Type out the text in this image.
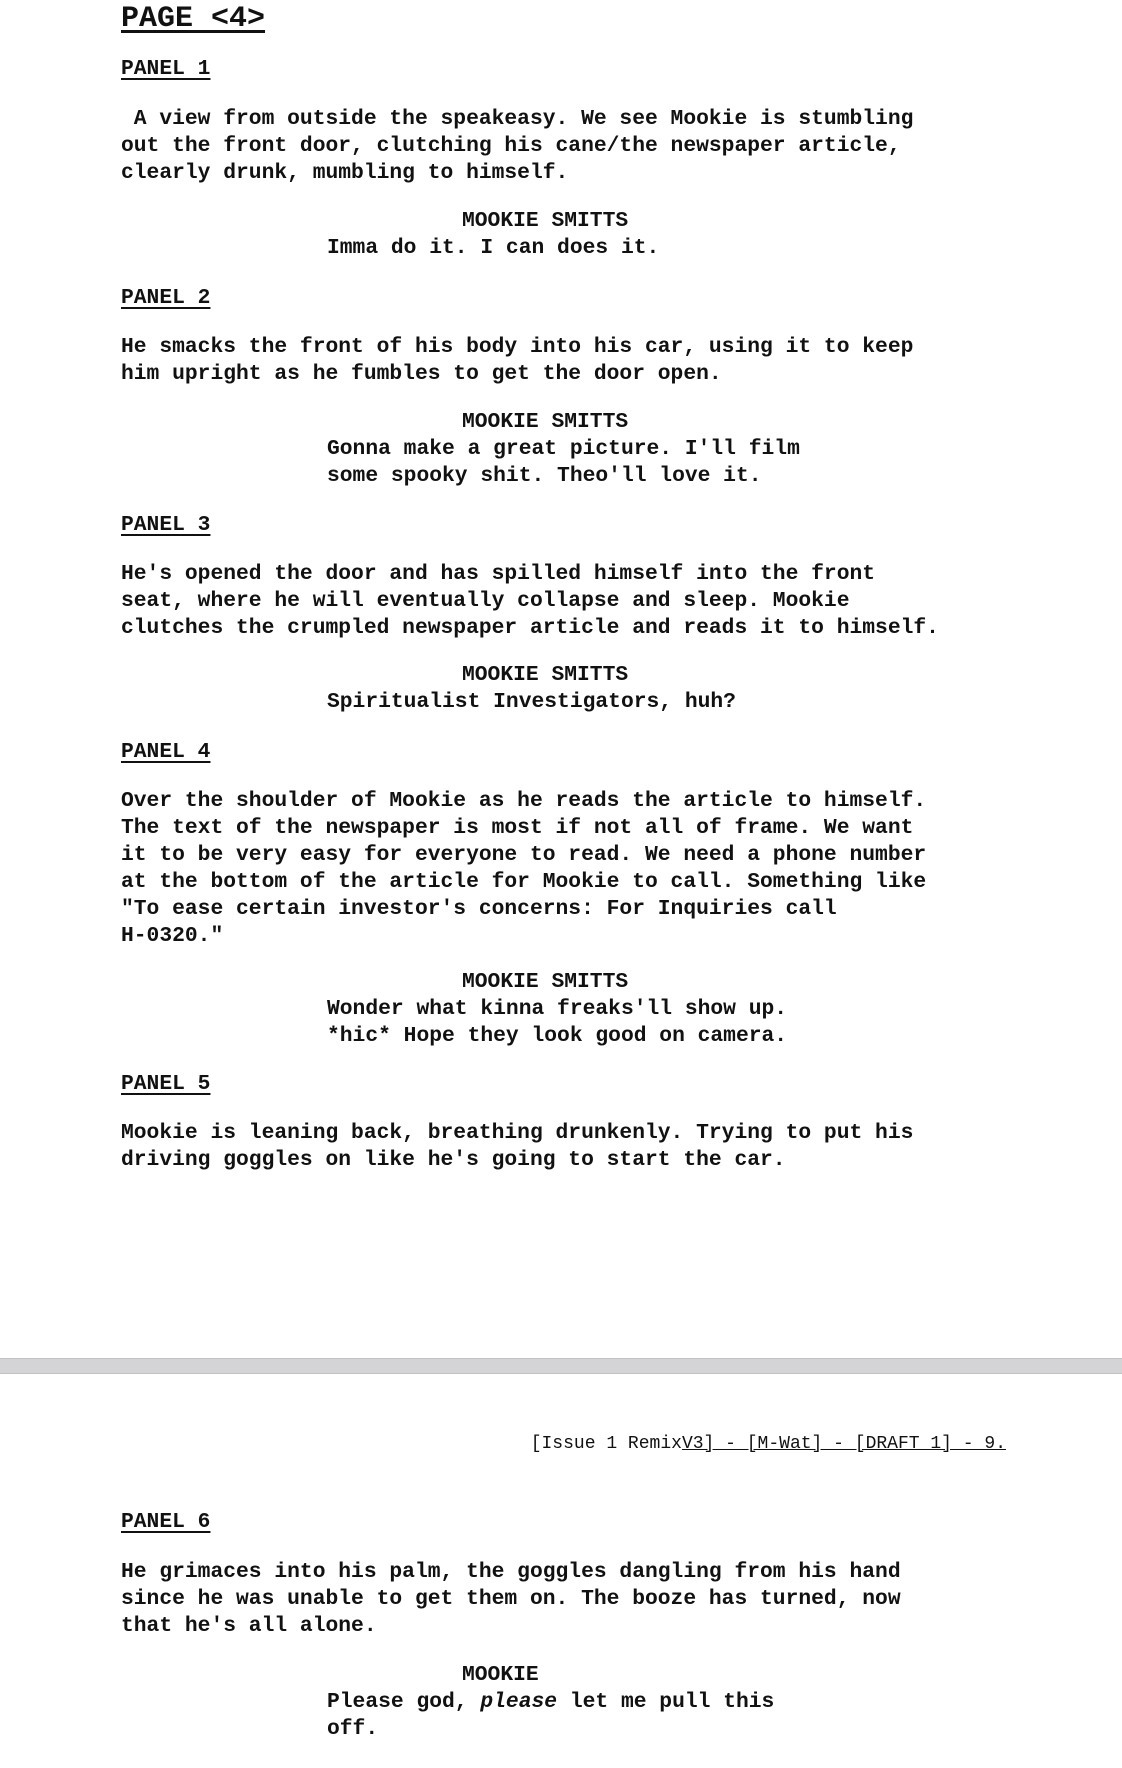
PAGE <4>
PANEL 1
A view from outside the speakeasy. We see Mookie is stumbling
out the front door, clutching his cane/the newspaper article,
clearly drunk, mumbling to himself.
MOOKIE SMITTS
Imma do it. I can does it.
PANEL 2
He smacks the front of his body into his car, using it to keep
him upright as he fumbles to get the door open.
MOOKIE SMITTS
Gonna make a great picture. I'll film
some spooky shit. Theo'll love it.
PANEL 3
He's opened the door and has spilled himself into the front
seat, where he will eventually collapse and sleep. Mookie
clutches the crumpled newspaper article and reads it to himself.
MOOKIE SMITTS
Spiritualist Investigators, huh?
PANEL 4
Over the shoulder of Mookie as he reads the article to himself.
The text of the newspaper is most if not all of frame. We want
it to be very easy for everyone to read. We need a phone number
at the bottom of the article for Mookie to call. Something like
"To ease certain investor's concerns: For Inquiries call
H-0320."
MOOKIE SMITTS
Wonder what kinna freaks'll show up.
*hic* Hope they look good on camera.
PANEL 5
Mookie is leaning back, breathing drunkenly. Trying to put his
driving goggles on like he's going to start the car.
[Issue 1 RemixV3] - [M-Wat] - [DRAFT 1] - 9.
PANEL 6
He grimaces into his palm, the goggles dangling from his hand
since he was unable to get them on. The booze has turned, now
that he's all alone.
MOOKIE
Please god, please let me pull this
off.
